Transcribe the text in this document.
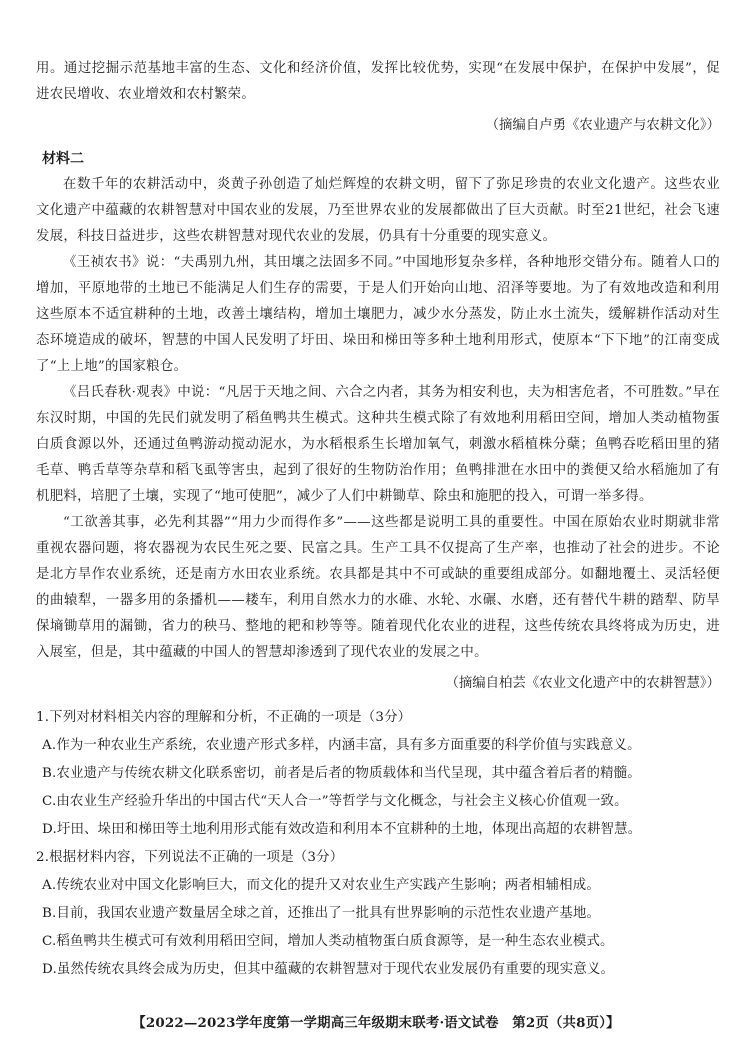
用。通过挖掘示范基地丰富的生态、文化和经济价值，发挥比较优势，实现“在发展中保护，在保护中发展”，促进农民增收、农业增效和农村繁荣。

（摘编自卢勇《农业遗产与农耕文化》）

材料二

在数千年的农耕活动中，炎黄子孙创造了灿烂辉煌的农耕文明，留下了弥足珍贵的农业文化遗产。这些农业文化遗产中蕴藏的农耕智慧对中国农业的发展，乃至世界农业的发展都做出了巨大贡献。时至21世纪，社会飞速发展，科技日益进步，这些农耕智慧对现代农业的发展，仍具有十分重要的现实意义。

《王祯农书》说：“夫禹别九州，其田壤之法固多不同。”中国地形复杂多样，各种地形交错分布。随着人口的增加，平原地带的土地已不能满足人们生存的需要，于是人们开始向山地、沼泽等要地。为了有效地改造和利用这些原本不适宜耕种的土地，改善土壤结构，增加土壤肥力，减少水分蒸发，防止水土流失，缓解耕作活动对生态环境造成的破坏，智慧的中国人民发明了圩田、垛田和梯田等多种土地利用形式，使原本“下下地”的江南变成了“上上地”的国家粮仓。

《吕氏春秋·观表》中说：“凡居于天地之间、六合之内者，其务为相安利也，夫为相害危者，不可胜数。”早在东汉时期，中国的先民们就发明了稻鱼鸭共生模式。这种共生模式除了有效地利用稻田空间，增加人类动植物蛋白质食源以外，还通过鱼鸭游动搅动泥水，为水稻根系生长增加氧气，刺激水稻植株分蘖；鱼鸭吞吃稻田里的猪毛草、鸭舌草等杂草和稻飞虱等害虫，起到了很好的生物防治作用；鱼鸭排泄在水田中的粪便又给水稻施加了有机肥料，培肥了土壤，实现了“地可使肥”，减少了人们中耕锄草、除虫和施肥的投入，可谓一举多得。

“工欲善其事，必先利其器”“用力少而得作多”——这些都是说明工具的重要性。中国在原始农业时期就非常重视农器问题，将农器视为农民生死之要、民富之具。生产工具不仅提高了生产率，也推动了社会的进步。不论是北方旱作农业系统，还是南方水田农业系统。农具都是其中不可或缺的重要组成部分。如翻地覆土、灵活轻便的曲辕犁，一器多用的条播机——耧车，利用自然水力的水碓、水轮、水碾、水磨，还有替代牛耕的踏犁、防旱保墒锄草用的漏锄，省力的秧马、整地的耙和耖等等。随着现代化农业的进程，这些传统农具终将成为历史，进入展室，但是，其中蕴藏的中国人的智慧却渗透到了现代农业的发展之中。

（摘编自柏芸《农业文化遗产中的农耕智慧》）

1.下列对材料相关内容的理解和分析，不正确的一项是（3分）

A.作为一种农业生产系统，农业遗产形式多样，内涵丰富，具有多方面重要的科学价值与实践意义。

B.农业遗产与传统农耕文化联系密切，前者是后者的物质载体和当代呈现，其中蕴含着后者的精髓。

C.由农业生产经验升华出的中国古代“天人合一”等哲学与文化概念，与社会主义核心价值观一致。

D.圩田、垛田和梯田等土地利用形式能有效改造和利用本不宜耕种的土地，体现出高超的农耕智慧。

2.根据材料内容，下列说法不正确的一项是（3分）

A.传统农业对中国文化影响巨大，而文化的提升又对农业生产实践产生影响；两者相辅相成。

B.目前，我国农业遗产数量居全球之首，还推出了一批具有世界影响的示范性农业遗产基地。

C.稻鱼鸭共生模式可有效利用稻田空间，增加人类动植物蛋白质食源等，是一种生态农业模式。

D.虽然传统农具终会成为历史，但其中蕴藏的农耕智慧对于现代农业发展仍有重要的现实意义。

【2022—2023学年度第一学期高三年级期末联考·语文试卷　第2页（共8页）】
